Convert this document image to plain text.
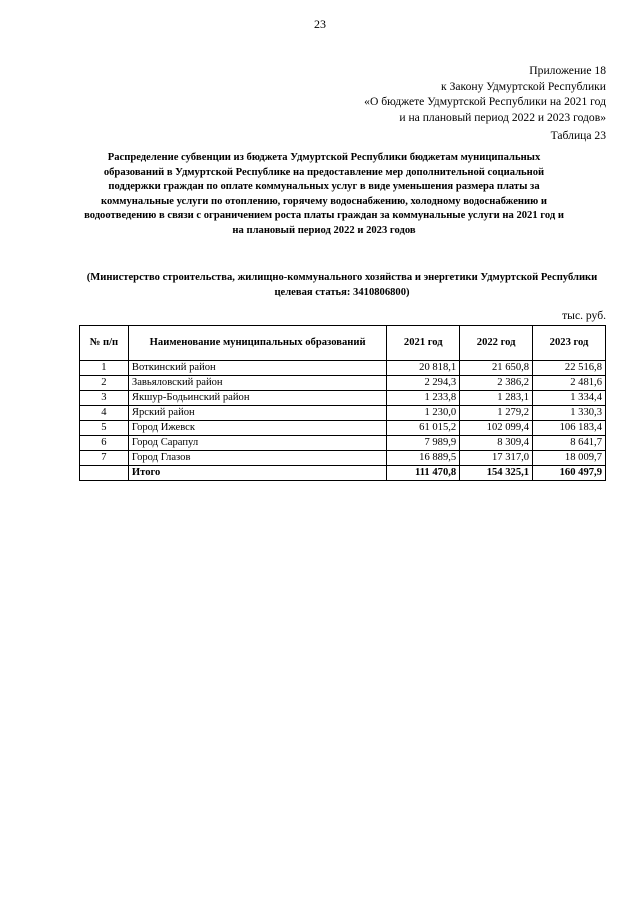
23
Приложение 18
к Закону Удмуртской Республики
«О бюджете Удмуртской Республики на 2021 год
и на плановый период 2022 и 2023 годов»
Таблица 23
Распределение субвенции из бюджета Удмуртской Республики бюджетам муниципальных образований в Удмуртской Республике на предоставление мер дополнительной социальной поддержки граждан по оплате коммунальных услуг в виде уменьшения размера платы за коммунальные услуги по отоплению, горячему водоснабжению, холодному водоснабжению и водоотведению в связи с ограничением роста платы граждан за коммунальные услуги на 2021 год и на плановый период 2022 и 2023 годов
(Министерство строительства, жилищно-коммунального хозяйства и энергетики Удмуртской Республики целевая статья: 3410806800)
тыс. руб.
№ п/п	Наименование муниципальных образований	2021 год	2022 год	2023 год
1	Воткинский район	20 818,1	21 650,8	22 516,8
2	Завьяловский район	2 294,3	2 386,2	2 481,6
3	Якшур-Бодьинский район	1 233,8	1 283,1	1 334,4
4	Ярский район	1 230,0	1 279,2	1 330,3
5	Город Ижевск	61 015,2	102 099,4	106 183,4
6	Город Сарапул	7 989,9	8 309,4	8 641,7
7	Город Глазов	16 889,5	17 317,0	18 009,7
	Итого	111 470,8	154 325,1	160 497,9
